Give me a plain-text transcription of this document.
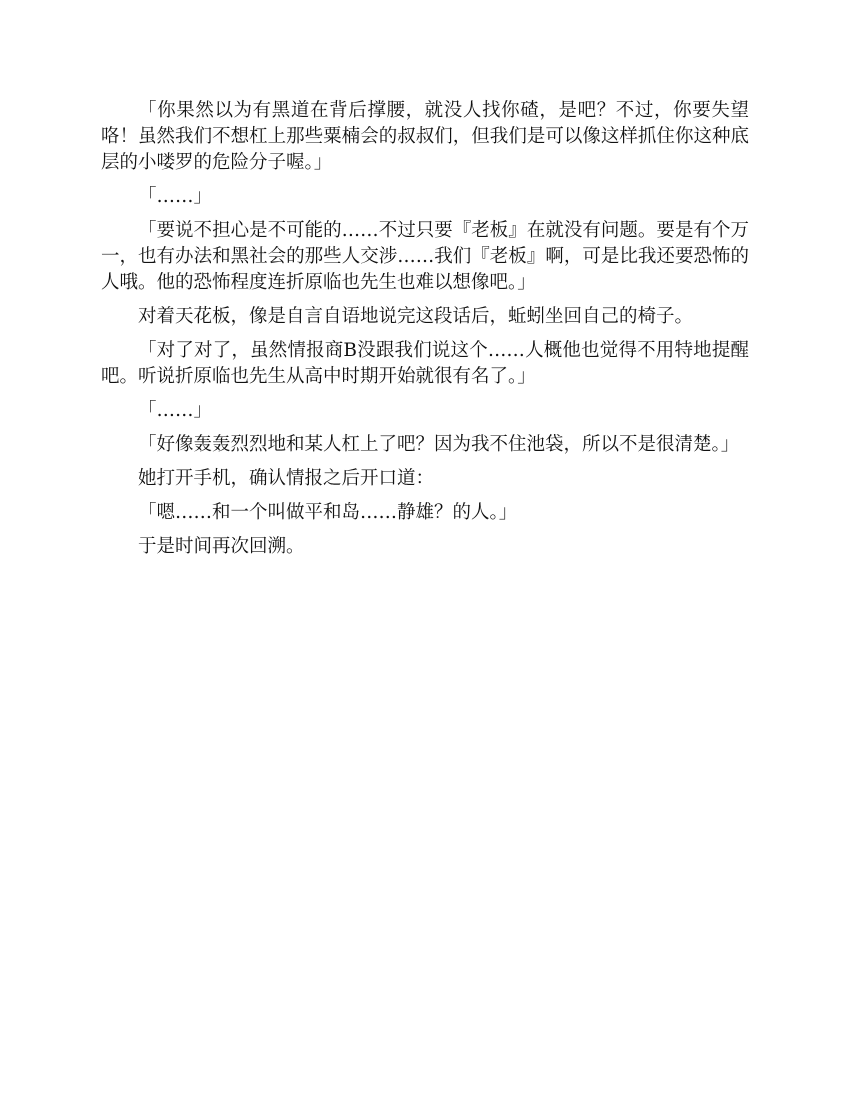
「你果然以为有黑道在背后撑腰，就没人找你碴，是吧？不过，你要失望咯！虽然我们不想杠上那些粟楠会的叔叔们，但我们是可以像这样抓住你这种底层的小喽罗的危险分子喔。」

「……」

「要说不担心是不可能的……不过只要『老板』在就没有问题。要是有个万一，也有办法和黑社会的那些人交涉……我们『老板』啊，可是比我还要恐怖的人哦。他的恐怖程度连折原临也先生也难以想像吧。」

对着天花板，像是自言自语地说完这段话后，蚯蚓坐回自己的椅子。

「对了对了，虽然情报商B没跟我们说这个……人概他也觉得不用特地提醒吧。听说折原临也先生从高中时期开始就很有名了。」

「……」

「好像轰轰烈烈地和某人杠上了吧？因为我不住池袋，所以不是很清楚。」

她打开手机，确认情报之后开口道：

「嗯……和一个叫做平和岛……静雄？的人。」

于是时间再次回溯。
